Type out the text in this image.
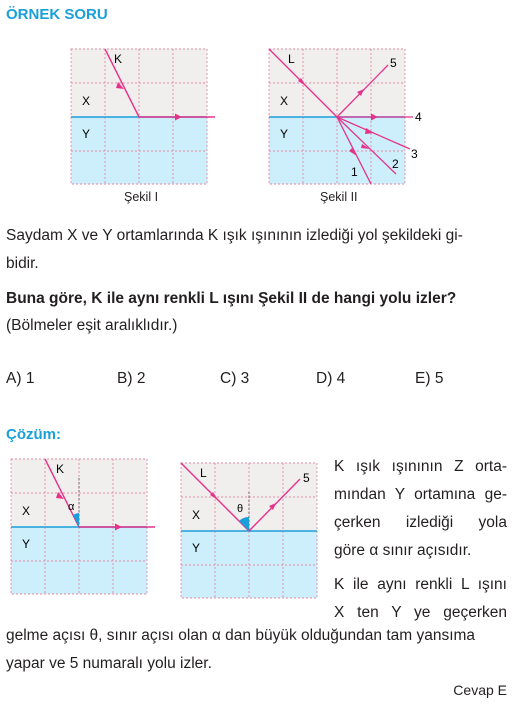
ÖRNEK SORU
K
X
Y
Şekil I
L
X
Y
5
4
3
2
1
Şekil II
Saydam X ve Y ortamlarında K ışık ışınının izlediği yol şekildeki gi-
bidir.
Buna göre, K ile aynı renkli L ışını Şekil II de hangi yolu izler?
(Bölmeler eşit aralıklıdır.)
A) 1	B) 2	C) 3	D) 4	E) 5
Çözüm:
α
K
X
Y
θ
L
X
Y
5
K ışık ışınının Z orta-
mından Y ortamına ge-
çerken izlediği yola
göre α sınır açısıdır.
K ile aynı renkli L ışını
X ten Y ye geçerken
gelme açısı θ, sınır açısı olan α dan büyük olduğundan tam yansıma
yapar ve 5 numaralı yolu izler.
Cevap E
